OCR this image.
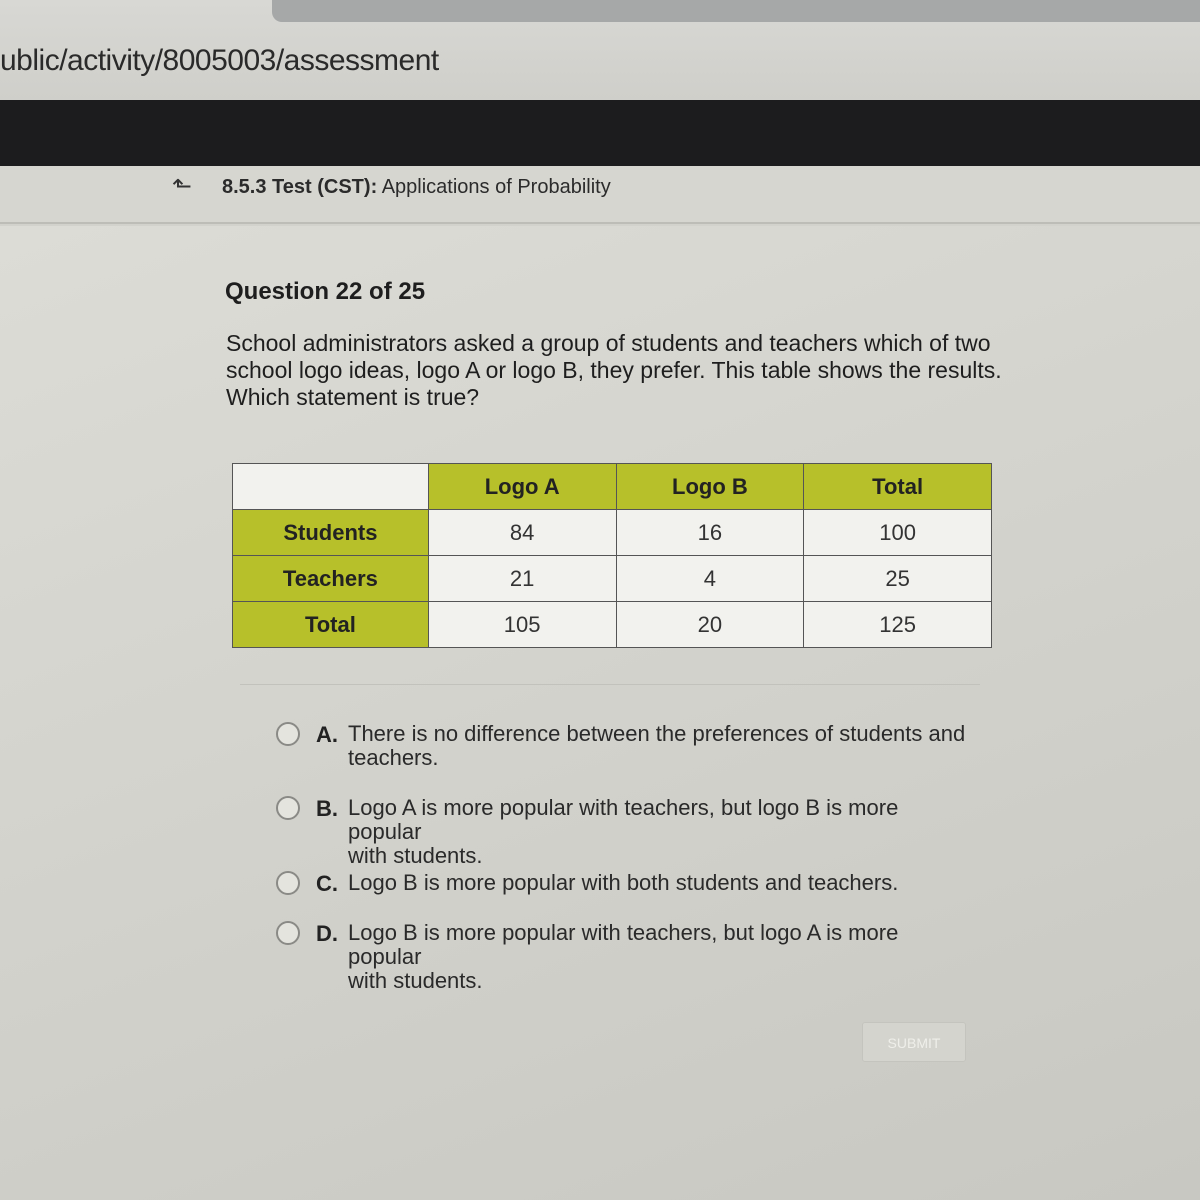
ublic/activity/8005003/assessment
⬑ 8.5.3 Test (CST): Applications of Probability
Question 22 of 25
School administrators asked a group of students and teachers which of two
school logo ideas, logo A or logo B, they prefer. This table shows the results.
Which statement is true?
	Logo A	Logo B	Total
Students	84	16	100
Teachers	21	4	25
Total	105	20	125
A. There is no difference between the preferences of students and
teachers.
B. Logo A is more popular with teachers, but logo B is more popular
with students.
C. Logo B is more popular with both students and teachers.
D. Logo B is more popular with teachers, but logo A is more popular
with students.
SUBMIT
